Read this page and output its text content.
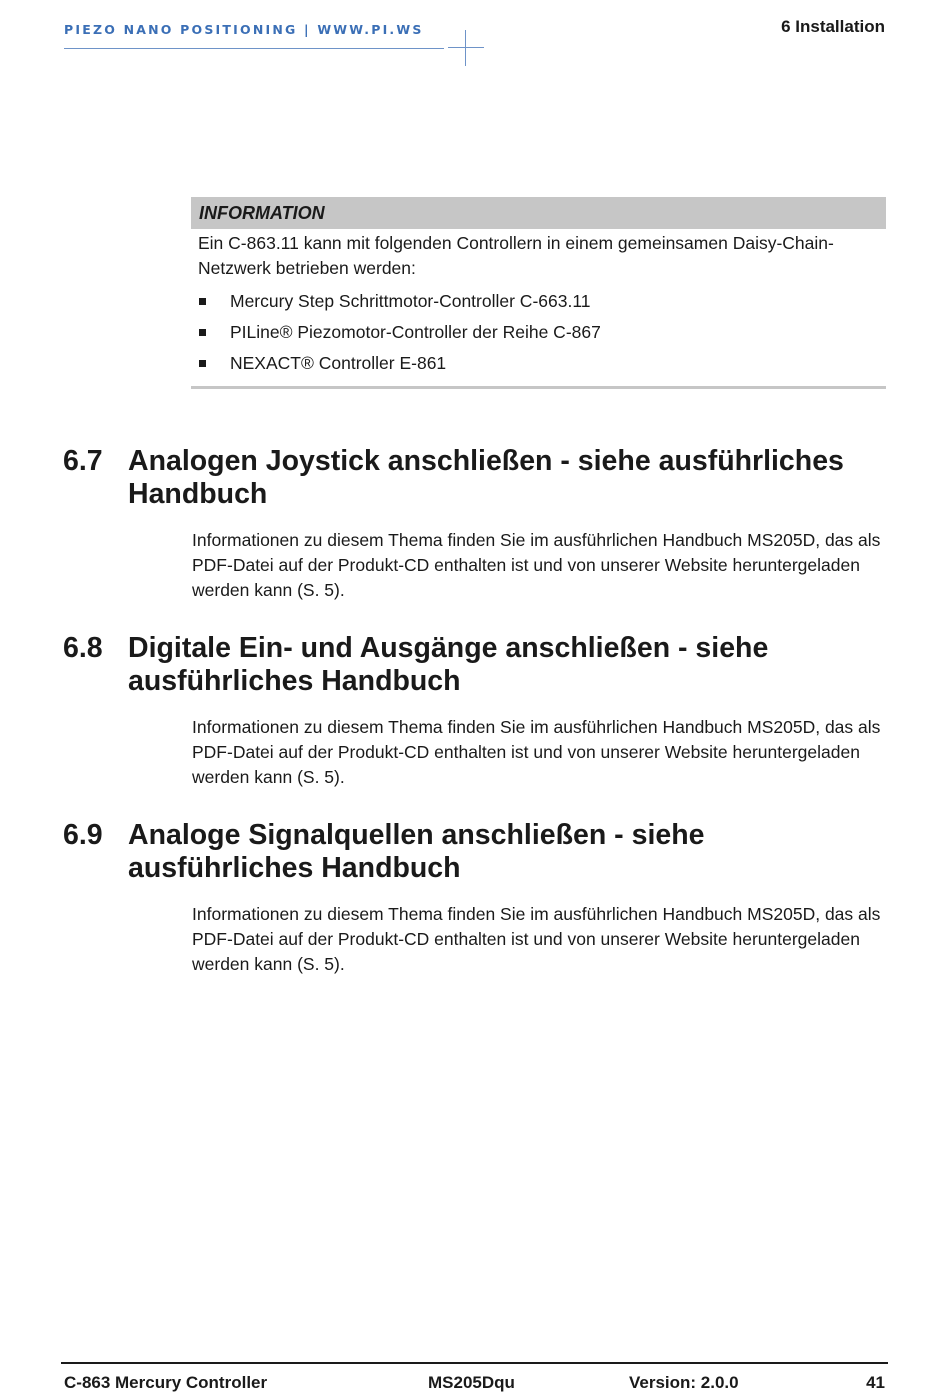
PIEZO NANO POSITIONING | WWW.PI.WS	6 Installation
INFORMATION
Ein C-863.11 kann mit folgenden Controllern in einem gemeinsamen Daisy-Chain-Netzwerk betrieben werden:
Mercury Step Schrittmotor-Controller C-663.11
PILine® Piezomotor-Controller der Reihe C-867
NEXACT® Controller E-861
6.7 Analogen Joystick anschließen - siehe ausführliches Handbuch
Informationen zu diesem Thema finden Sie im ausführlichen Handbuch MS205D, das als PDF-Datei auf der Produkt-CD enthalten ist und von unserer Website heruntergeladen werden kann (S. 5).
6.8 Digitale Ein- und Ausgänge anschließen - siehe ausführliches Handbuch
Informationen zu diesem Thema finden Sie im ausführlichen Handbuch MS205D, das als PDF-Datei auf der Produkt-CD enthalten ist und von unserer Website heruntergeladen werden kann (S. 5).
6.9 Analoge Signalquellen anschließen - siehe ausführliches Handbuch
Informationen zu diesem Thema finden Sie im ausführlichen Handbuch MS205D, das als PDF-Datei auf der Produkt-CD enthalten ist und von unserer Website heruntergeladen werden kann (S. 5).
C-863 Mercury Controller	MS205Dqu	Version: 2.0.0	41
